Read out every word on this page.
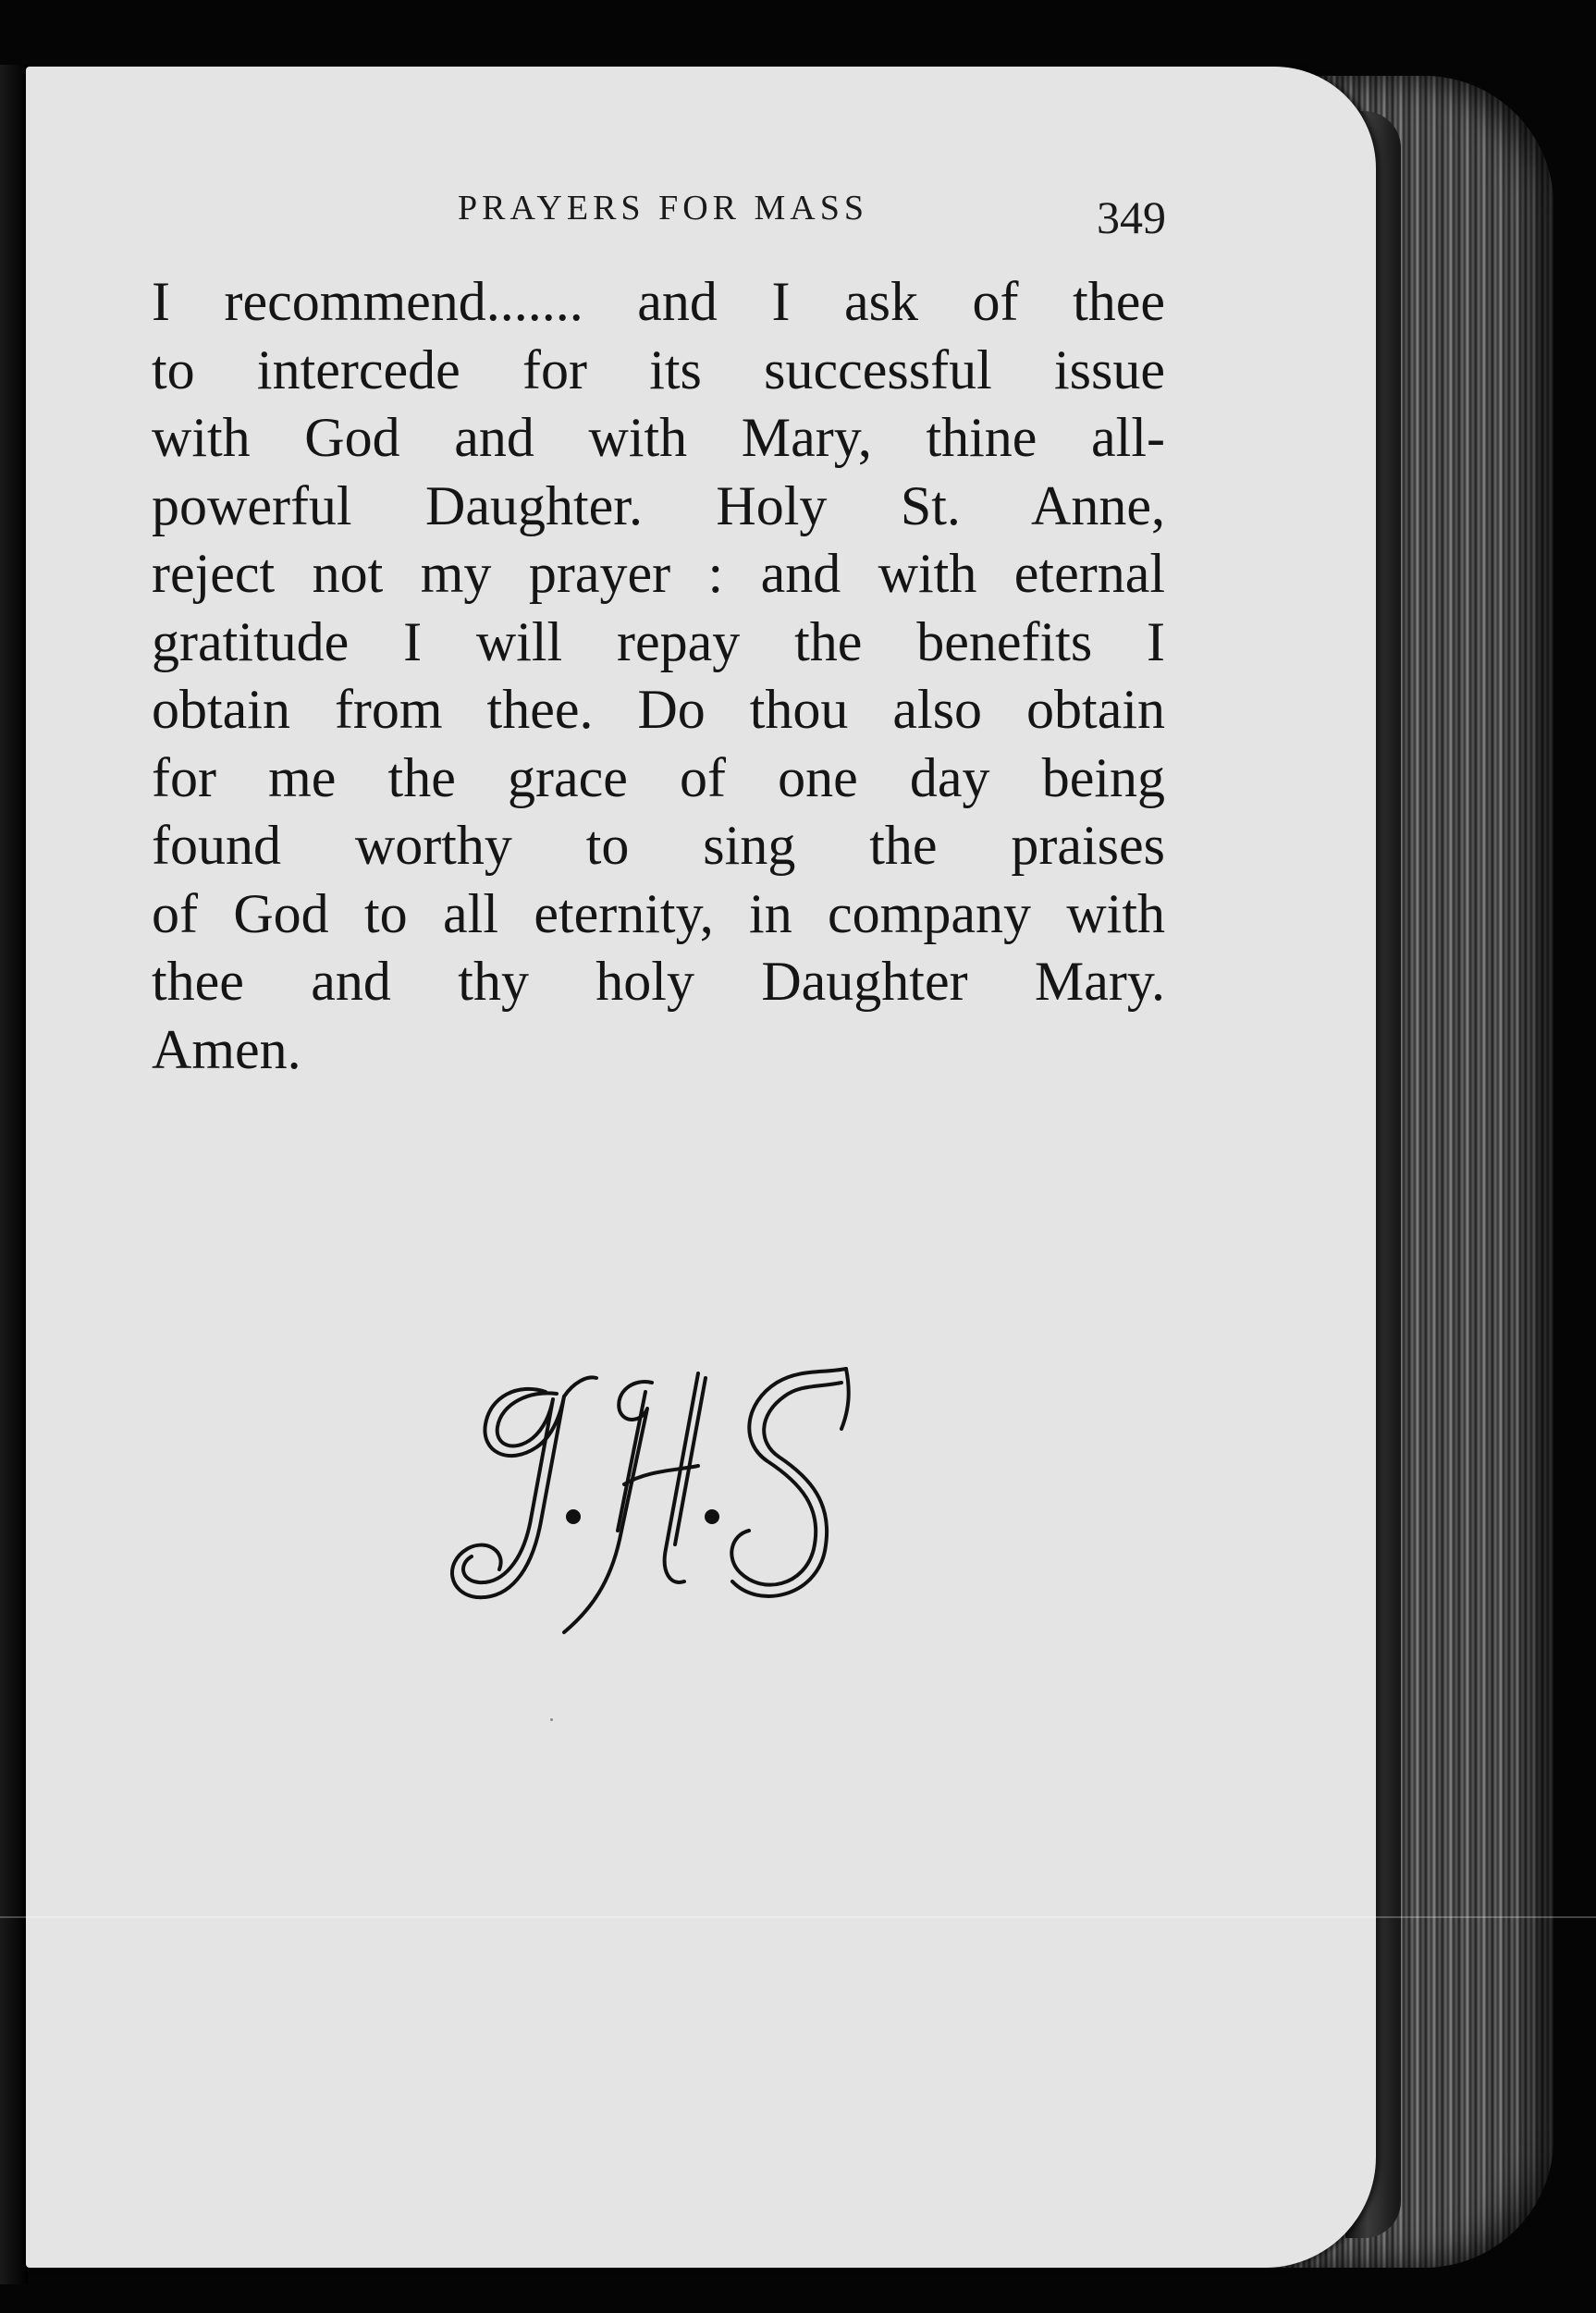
PRAYERS FOR MASS	349
I recommend....... and I ask of thee
to intercede for its successful issue
with God and with Mary, thine all-
powerful Daughter. Holy St. Anne,
reject not my prayer : and with eternal
gratitude I will repay the benefits I
obtain from thee. Do thou also obtain
for me the grace of one day being
found worthy to sing the praises
of God to all eternity, in company with
thee and thy holy Daughter Mary.
Amen.
